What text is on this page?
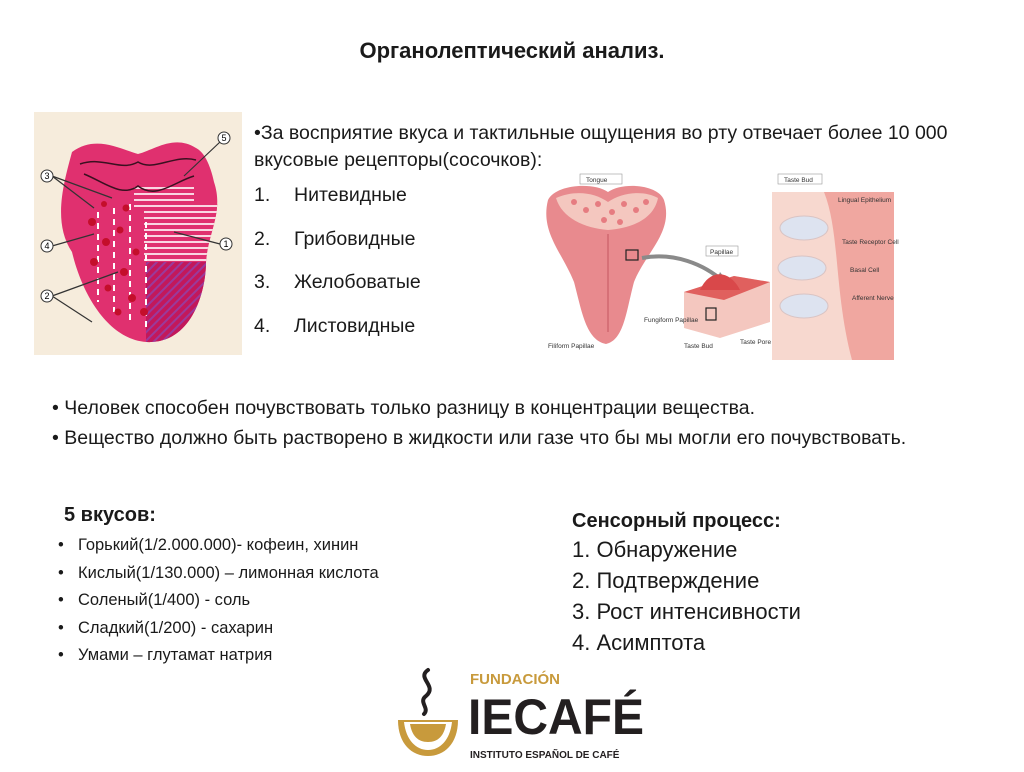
Органолептический анализ.
3
4
2
5
1
•За восприятие вкуса и тактильные ощущения во рту отвечает более 10 000 вкусовые рецепторы(сосочков):
1.	Нитевидные
2.	Грибовидные
3.	Желобоватые
4.	Листовидные
Tongue	Taste Bud
Lingual Epithelium
Taste Receptor Cell
Basal Cell
Afferent Nerve
Papillae
Fungiform Papillae
Filiform Papillae	Taste Bud
Taste Pore
• Человек способен почувствовать только разницу в концентрации вещества.
• Вещество должно быть растворено в жидкости или газе что бы мы могли его почувствовать.
5 вкусов:
• Горький(1/2.000.000)- кофеин, хинин
• Кислый(1/130.000) – лимонная кислота
• Соленый(1/400) - соль
• Сладкий(1/200) - сахарин
• Умами – глутамат натрия
Сенсорный процесс:
1. Обнаружение
2. Подтверждение
3. Рост интенсивности
4. Асимптота
FUNDACIÓN
IECAFÉ
INSTITUTO ESPAÑOL DE CAFÉ
